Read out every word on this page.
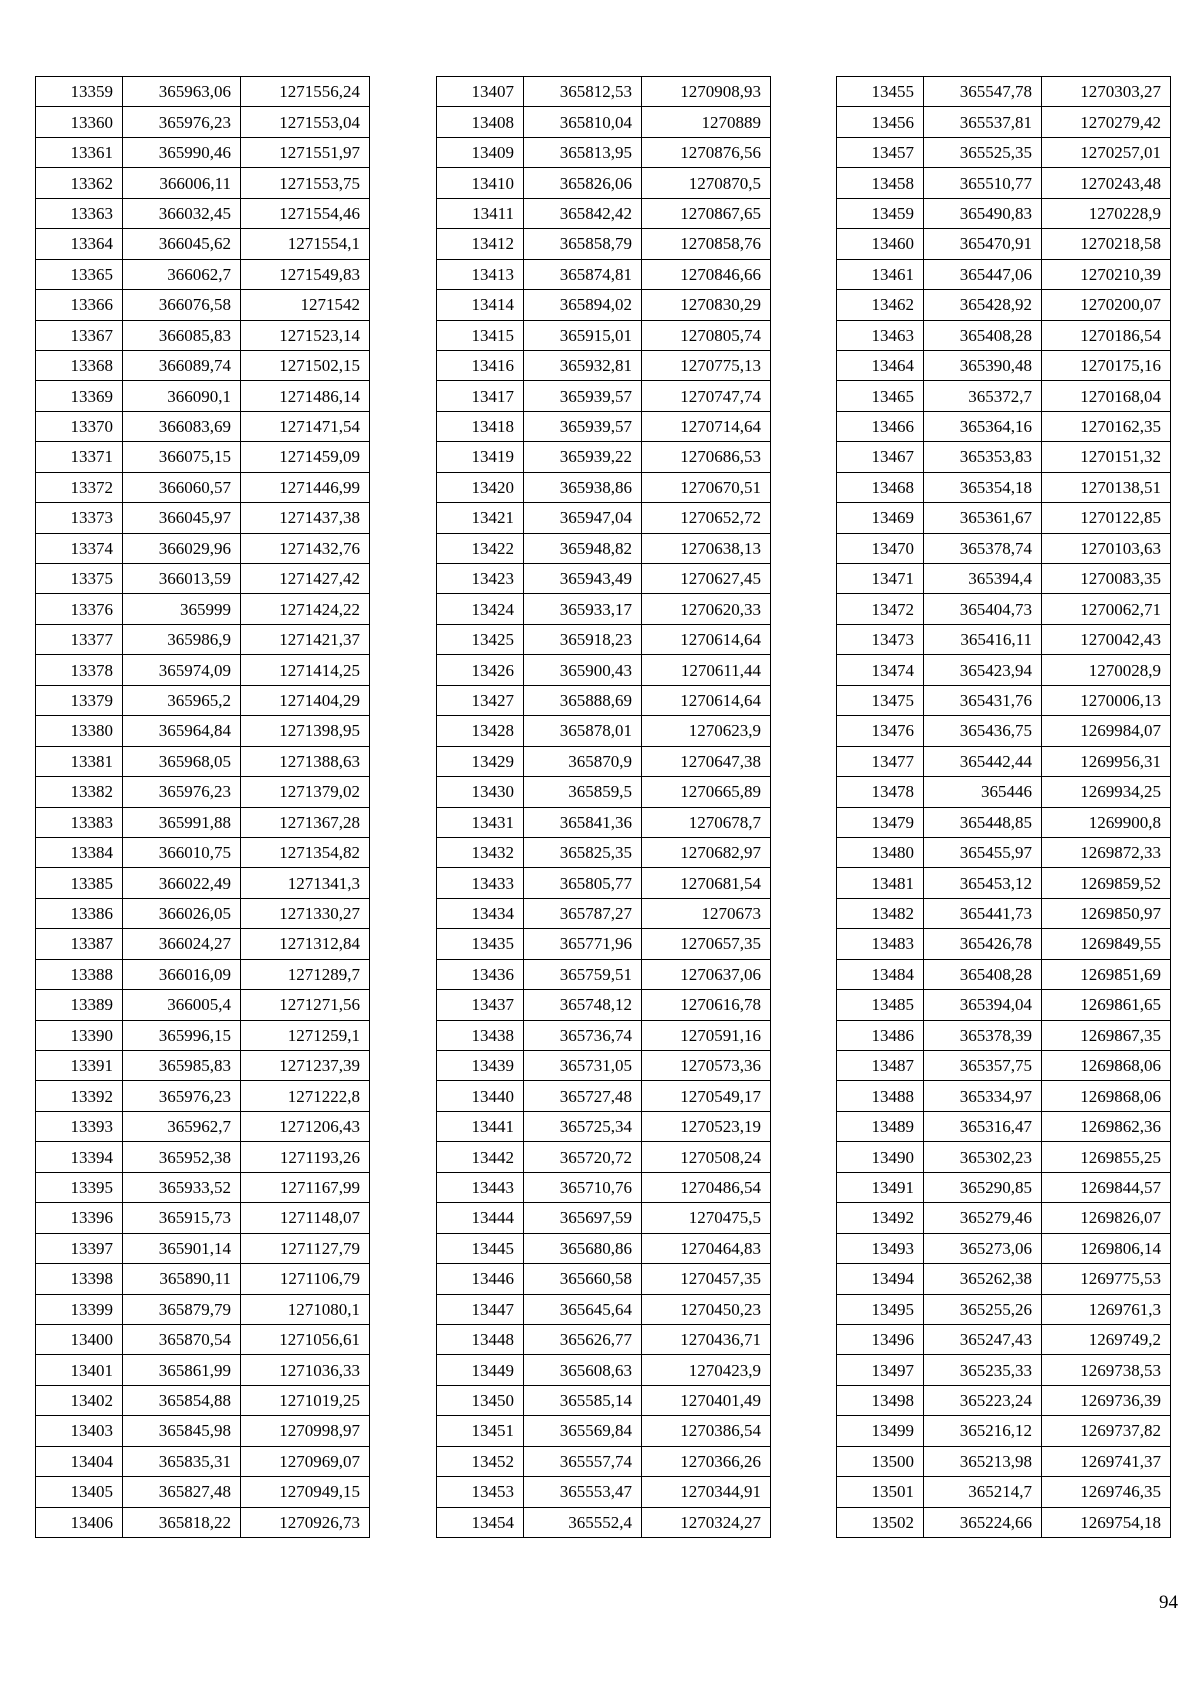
13359	365963,06	1271556,24
13360	365976,23	1271553,04
13361	365990,46	1271551,97
13362	366006,11	1271553,75
13363	366032,45	1271554,46
13364	366045,62	1271554,1
13365	366062,7	1271549,83
13366	366076,58	1271542
13367	366085,83	1271523,14
13368	366089,74	1271502,15
13369	366090,1	1271486,14
13370	366083,69	1271471,54
13371	366075,15	1271459,09
13372	366060,57	1271446,99
13373	366045,97	1271437,38
13374	366029,96	1271432,76
13375	366013,59	1271427,42
13376	365999	1271424,22
13377	365986,9	1271421,37
13378	365974,09	1271414,25
13379	365965,2	1271404,29
13380	365964,84	1271398,95
13381	365968,05	1271388,63
13382	365976,23	1271379,02
13383	365991,88	1271367,28
13384	366010,75	1271354,82
13385	366022,49	1271341,3
13386	366026,05	1271330,27
13387	366024,27	1271312,84
13388	366016,09	1271289,7
13389	366005,4	1271271,56
13390	365996,15	1271259,1
13391	365985,83	1271237,39
13392	365976,23	1271222,8
13393	365962,7	1271206,43
13394	365952,38	1271193,26
13395	365933,52	1271167,99
13396	365915,73	1271148,07
13397	365901,14	1271127,79
13398	365890,11	1271106,79
13399	365879,79	1271080,1
13400	365870,54	1271056,61
13401	365861,99	1271036,33
13402	365854,88	1271019,25
13403	365845,98	1270998,97
13404	365835,31	1270969,07
13405	365827,48	1270949,15
13406	365818,22	1270926,73
13407	365812,53	1270908,93
13408	365810,04	1270889
13409	365813,95	1270876,56
13410	365826,06	1270870,5
13411	365842,42	1270867,65
13412	365858,79	1270858,76
13413	365874,81	1270846,66
13414	365894,02	1270830,29
13415	365915,01	1270805,74
13416	365932,81	1270775,13
13417	365939,57	1270747,74
13418	365939,57	1270714,64
13419	365939,22	1270686,53
13420	365938,86	1270670,51
13421	365947,04	1270652,72
13422	365948,82	1270638,13
13423	365943,49	1270627,45
13424	365933,17	1270620,33
13425	365918,23	1270614,64
13426	365900,43	1270611,44
13427	365888,69	1270614,64
13428	365878,01	1270623,9
13429	365870,9	1270647,38
13430	365859,5	1270665,89
13431	365841,36	1270678,7
13432	365825,35	1270682,97
13433	365805,77	1270681,54
13434	365787,27	1270673
13435	365771,96	1270657,35
13436	365759,51	1270637,06
13437	365748,12	1270616,78
13438	365736,74	1270591,16
13439	365731,05	1270573,36
13440	365727,48	1270549,17
13441	365725,34	1270523,19
13442	365720,72	1270508,24
13443	365710,76	1270486,54
13444	365697,59	1270475,5
13445	365680,86	1270464,83
13446	365660,58	1270457,35
13447	365645,64	1270450,23
13448	365626,77	1270436,71
13449	365608,63	1270423,9
13450	365585,14	1270401,49
13451	365569,84	1270386,54
13452	365557,74	1270366,26
13453	365553,47	1270344,91
13454	365552,4	1270324,27
13455	365547,78	1270303,27
13456	365537,81	1270279,42
13457	365525,35	1270257,01
13458	365510,77	1270243,48
13459	365490,83	1270228,9
13460	365470,91	1270218,58
13461	365447,06	1270210,39
13462	365428,92	1270200,07
13463	365408,28	1270186,54
13464	365390,48	1270175,16
13465	365372,7	1270168,04
13466	365364,16	1270162,35
13467	365353,83	1270151,32
13468	365354,18	1270138,51
13469	365361,67	1270122,85
13470	365378,74	1270103,63
13471	365394,4	1270083,35
13472	365404,73	1270062,71
13473	365416,11	1270042,43
13474	365423,94	1270028,9
13475	365431,76	1270006,13
13476	365436,75	1269984,07
13477	365442,44	1269956,31
13478	365446	1269934,25
13479	365448,85	1269900,8
13480	365455,97	1269872,33
13481	365453,12	1269859,52
13482	365441,73	1269850,97
13483	365426,78	1269849,55
13484	365408,28	1269851,69
13485	365394,04	1269861,65
13486	365378,39	1269867,35
13487	365357,75	1269868,06
13488	365334,97	1269868,06
13489	365316,47	1269862,36
13490	365302,23	1269855,25
13491	365290,85	1269844,57
13492	365279,46	1269826,07
13493	365273,06	1269806,14
13494	365262,38	1269775,53
13495	365255,26	1269761,3
13496	365247,43	1269749,2
13497	365235,33	1269738,53
13498	365223,24	1269736,39
13499	365216,12	1269737,82
13500	365213,98	1269741,37
13501	365214,7	1269746,35
13502	365224,66	1269754,18
94
